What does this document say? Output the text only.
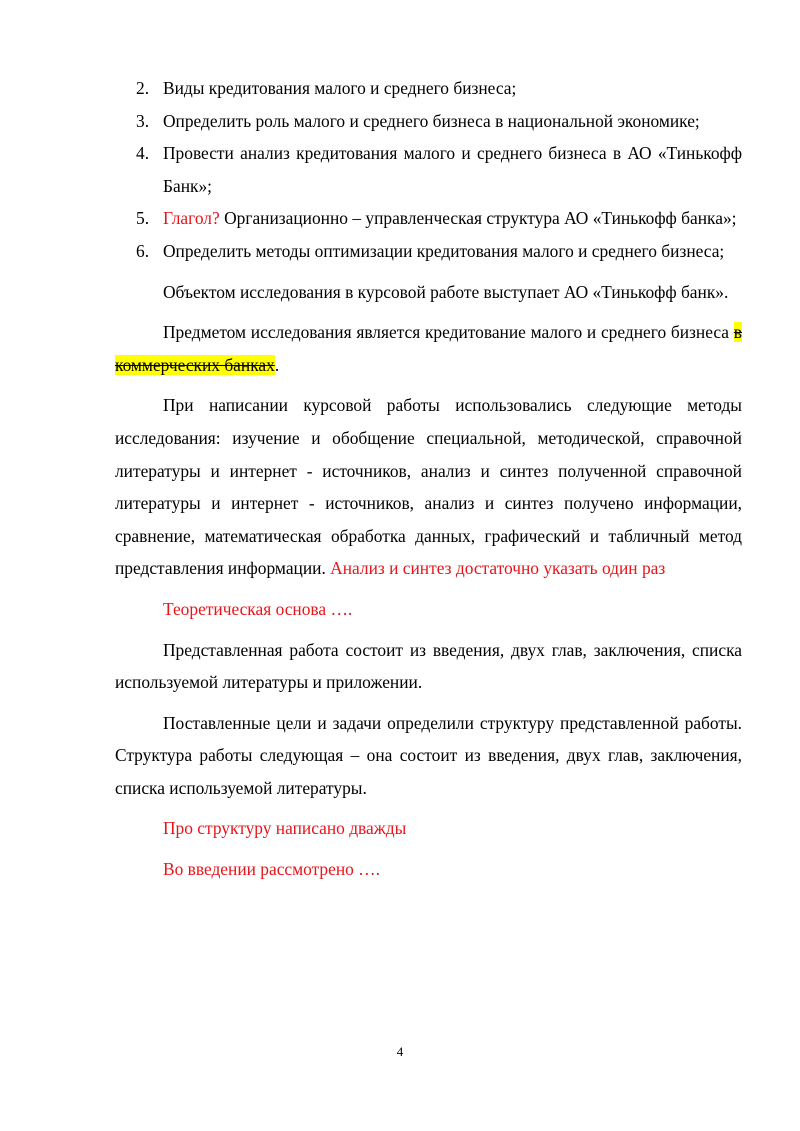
2. Виды кредитования малого и среднего бизнеса;
3. Определить роль малого и среднего бизнеса в национальной экономике;
4. Провести анализ кредитования малого и среднего бизнеса в АО «Тинькофф Банк»;
5. Глагол? Организационно – управленческая структура АО «Тинькофф банка»;
6. Определить методы оптимизации кредитования малого и среднего бизнеса;

Объектом исследования в курсовой работе выступает АО «Тинькофф банк».

Предметом исследования является кредитование малого и среднего бизнеса в коммерческих банках.

При написании курсовой работы использовались следующие методы исследования: изучение и обобщение специальной, методической, справочной литературы и интернет - источников, анализ и синтез полученной справочной литературы и интернет - источников, анализ и синтез получено информации, сравнение, математическая обработка данных, графический и табличный метод представления информации. Анализ и синтез достаточно указать один раз

Теоретическая основа ….

Представленная работа состоит из введения, двух глав, заключения, списка используемой литературы и приложении.

Поставленные цели и задачи определили структуру представленной работы. Структура работы следующая – она состоит из введения, двух глав, заключения, списка используемой литературы.

Про структуру написано дважды

Во введении рассмотрено ….

4
